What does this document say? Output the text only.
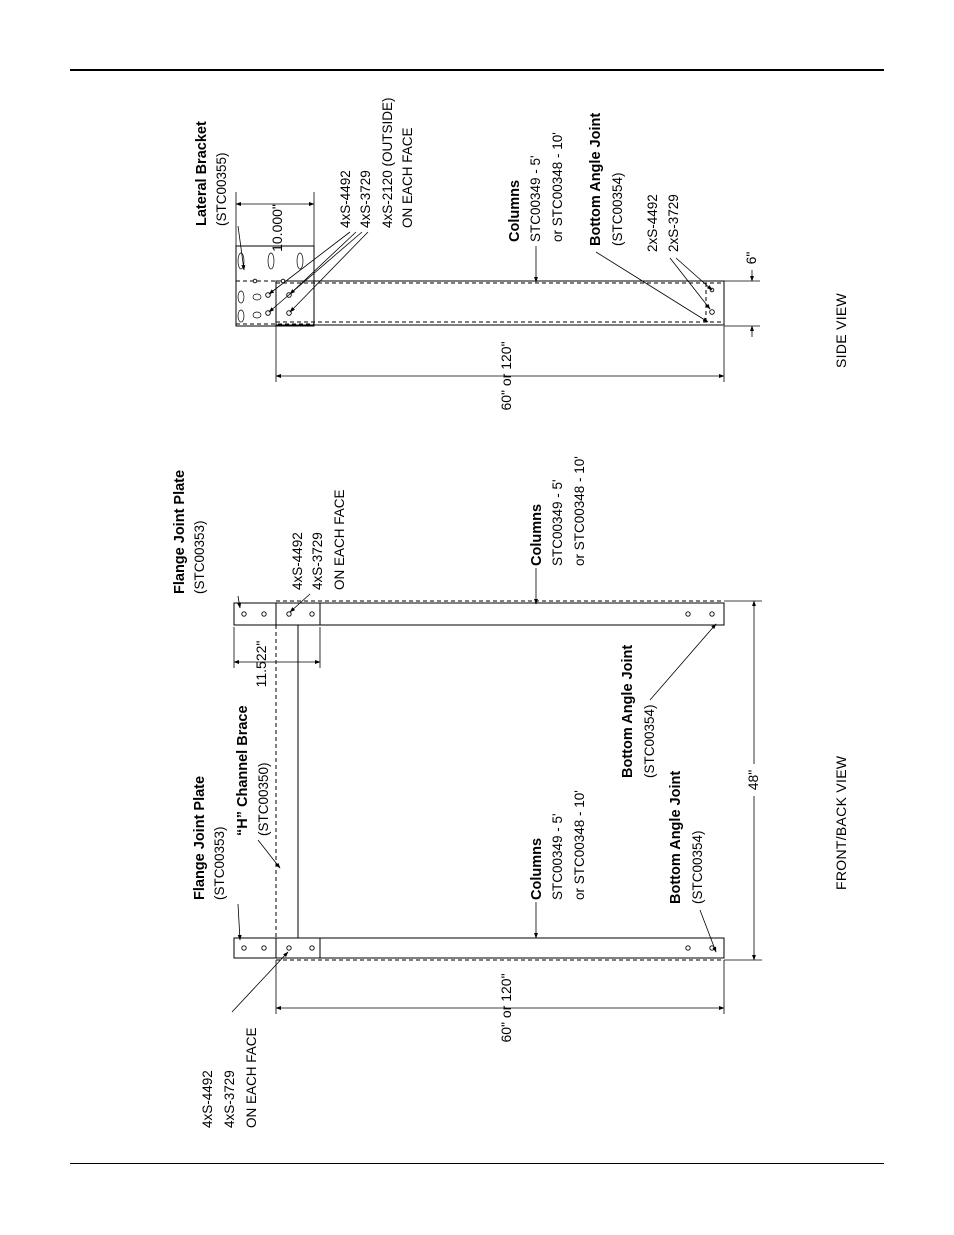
10.000"
60" or 120"
6"
Lateral Bracket (STC00355)	4xS-4492 4xS-3729 4xS-2120 (OUTSIDE) ON EACH FACE	Columns STC00349 - 5' or STC00348 - 10' Bottom Angle Joint (STC00354) 2xS-4492 2xS-3729
SIDE VIEW
11.522"
60" or 120"
48"
Flange Joint Plate (STC00353)	4xS-4492 4xS-3729 ON EACH FACE	Columns STC00349 - 5' or STC00348 - 10'
“H” Channel Brace (STC00350)
Flange Joint Plate (STC00353)
Bottom Angle Joint (STC00354)
Columns STC00349 - 5' or STC00348 - 10'	Bottom Angle Joint (STC00354)
4xS-4492 4xS-3729 ON EACH FACE
FRONT/BACK VIEW
